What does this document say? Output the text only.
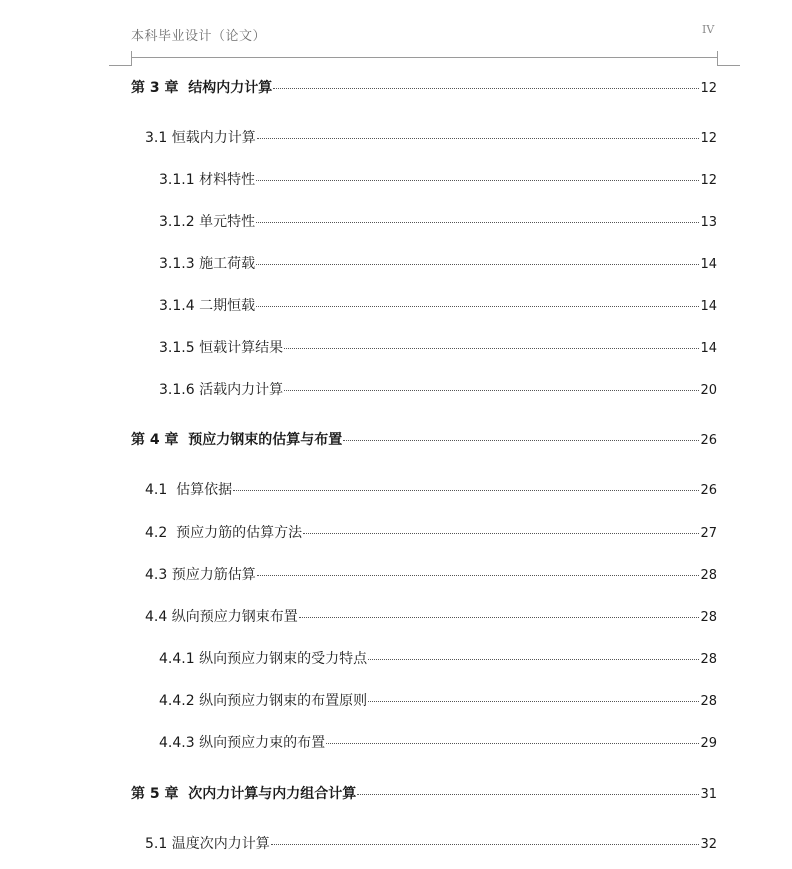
本科毕业设计（论文）	IV
第 3 章  结构内力计算	12
3.1 恒载内力计算	12
3.1.1 材料特性	12
3.1.2 单元特性	13
3.1.3 施工荷载	14
3.1.4 二期恒载	14
3.1.5 恒载计算结果	14
3.1.6 活载内力计算	20
第 4 章  预应力钢束的估算与布置	26
4.1  估算依据	26
4.2  预应力筋的估算方法	27
4.3 预应力筋估算	28
4.4 纵向预应力钢束布置	28
4.4.1 纵向预应力钢束的受力特点	28
4.4.2 纵向预应力钢束的布置原则	28
4.4.3 纵向预应力束的布置	29
第 5 章  次内力计算与内力组合计算	31
5.1 温度次内力计算	32
